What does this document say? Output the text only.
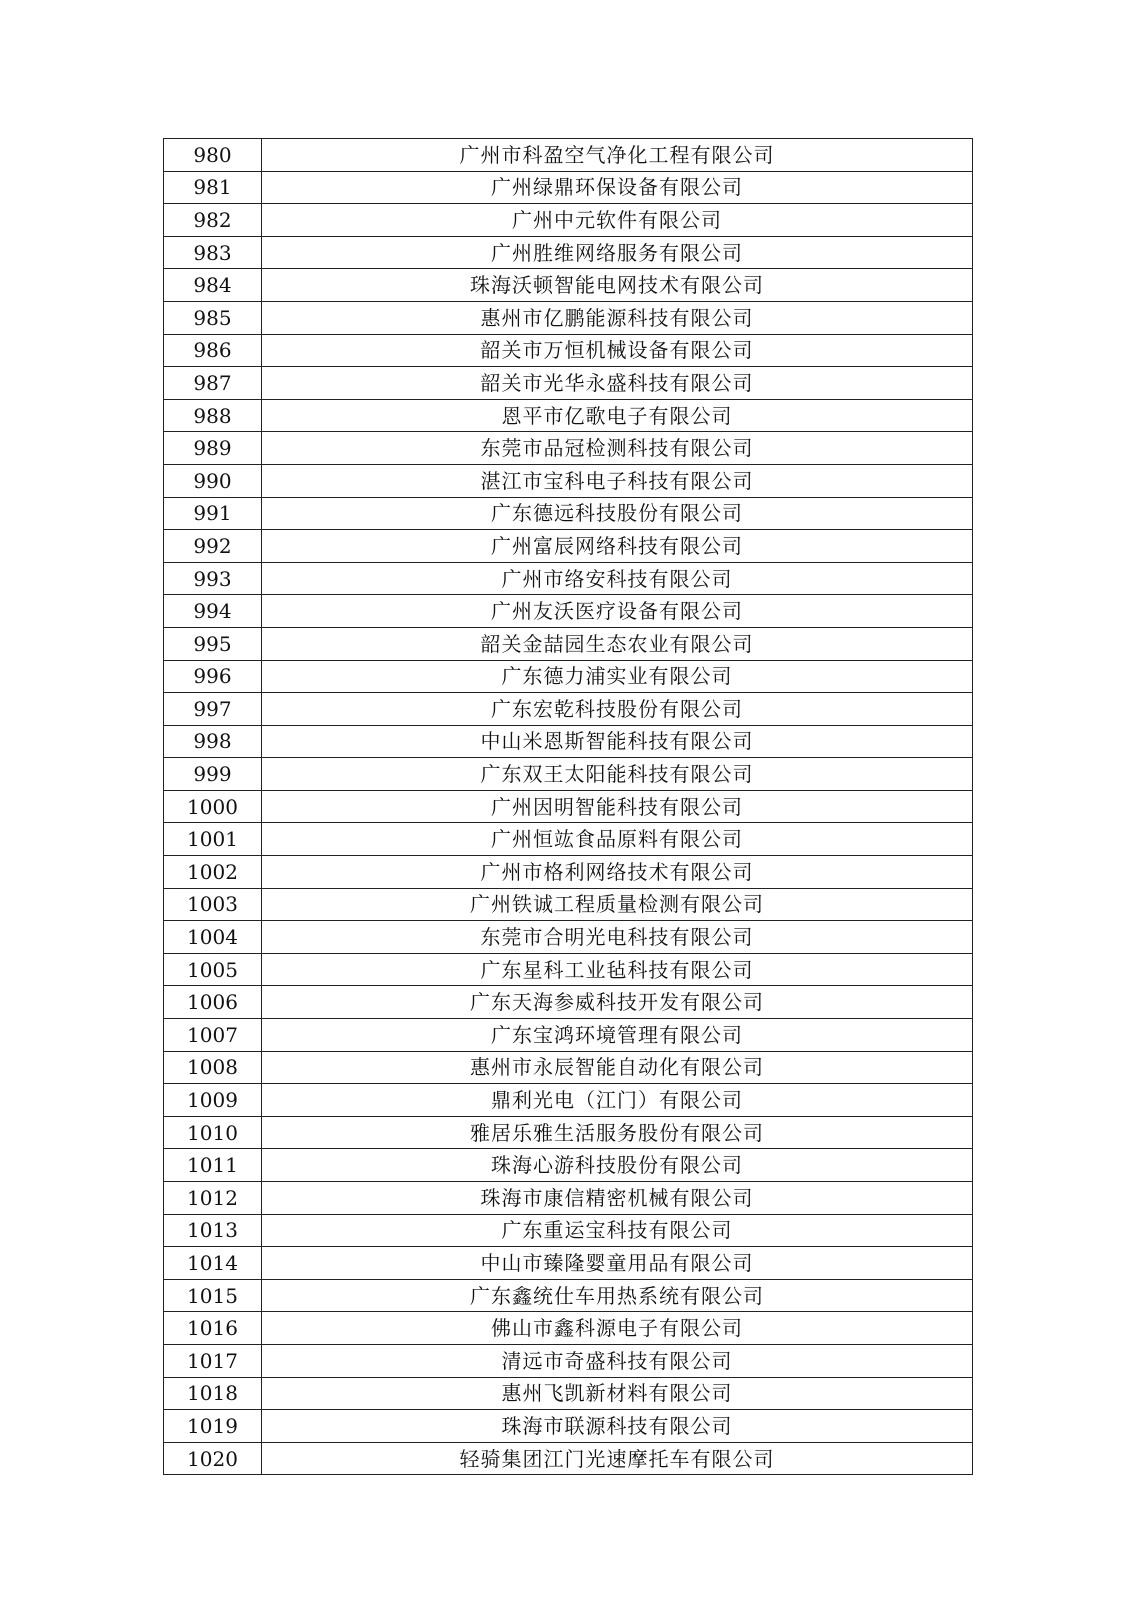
980	广州市科盈空气净化工程有限公司
981	广州绿鼎环保设备有限公司
982	广州中元软件有限公司
983	广州胜维网络服务有限公司
984	珠海沃顿智能电网技术有限公司
985	惠州市亿鹏能源科技有限公司
986	韶关市万恒机械设备有限公司
987	韶关市光华永盛科技有限公司
988	恩平市亿歌电子有限公司
989	东莞市品冠检测科技有限公司
990	湛江市宝科电子科技有限公司
991	广东德远科技股份有限公司
992	广州富辰网络科技有限公司
993	广州市络安科技有限公司
994	广州友沃医疗设备有限公司
995	韶关金喆园生态农业有限公司
996	广东德力浦实业有限公司
997	广东宏乾科技股份有限公司
998	中山米恩斯智能科技有限公司
999	广东双王太阳能科技有限公司
1000	广州因明智能科技有限公司
1001	广州恒竑食品原料有限公司
1002	广州市格利网络技术有限公司
1003	广州铁诚工程质量检测有限公司
1004	东莞市合明光电科技有限公司
1005	广东星科工业毡科技有限公司
1006	广东天海参威科技开发有限公司
1007	广东宝鸿环境管理有限公司
1008	惠州市永辰智能自动化有限公司
1009	鼎利光电（江门）有限公司
1010	雅居乐雅生活服务股份有限公司
1011	珠海心游科技股份有限公司
1012	珠海市康信精密机械有限公司
1013	广东重运宝科技有限公司
1014	中山市臻隆婴童用品有限公司
1015	广东鑫统仕车用热系统有限公司
1016	佛山市鑫科源电子有限公司
1017	清远市奇盛科技有限公司
1018	惠州飞凯新材料有限公司
1019	珠海市联源科技有限公司
1020	轻骑集团江门光速摩托车有限公司
